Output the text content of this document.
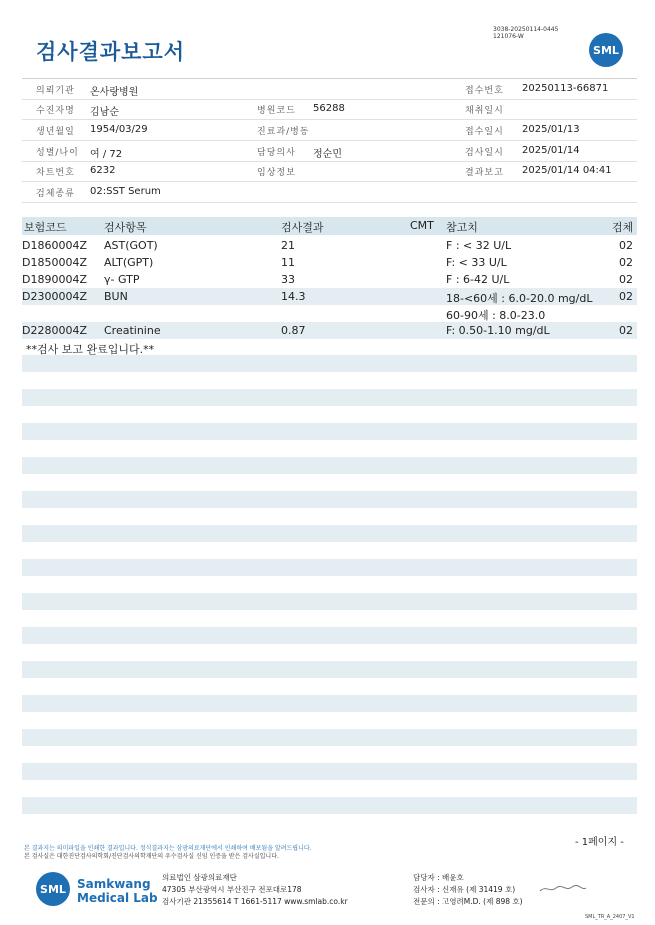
검사결과보고서
3038-20250114-0445
121076-W
SML
의뢰기관 온사랑병원	접수번호 20250113-66871
수진자명 김남순	병원코드 56288	채취일시
생년월일 1954/03/29	진료과/병동	접수일시 2025/01/13
성별/나이 여 / 72	담당의사 정순민	검사일시 2025/01/14
차트번호 6232	임상정보	결과보고 2025/01/14 04:41
검체종류 02:SST Serum
보험코드	검사항목	검사결과	CMT 참고치	검체
D1860004Z AST(GOT)	21	F : < 32 U/L	02
D1850004Z ALT(GPT)	11	F: < 33 U/L	02
D1890004Z γ- GTP	33	F : 6-42 U/L	02
D2300004Z BUN	14.3	18-<60세 : 6.0-20.0 mg/dL 02
60-90세 : 8.0-23.0
D2280004Z Creatinine	0.87	F: 0.50-1.10 mg/dL	02
**검사 보고 완료입니다.**
- 1페이지 -
본 결과지는 의미파일을 인쇄한 결과입니다. 정식결과지는 삼광의료재단에서 인쇄하여 배포됨을 알려드립니다.
본 검사실은 대한진단검사의학회/진단검사의학재단의 우수검사실 신임 인증을 받은 검사실입니다.
SML Samkwang
Medical Lab
의료법인 삼광의료재단
47305 부산광역시 부산진구 전포대로178
검사기관 21355614 T 1661-5117 www.smlab.co.kr
담당자 : 배윤호
검사자 : 신재유 (제 31419 호)
전문의 : 고영려M.D. (제 898 호)
SML_TR_A_2407_V1
